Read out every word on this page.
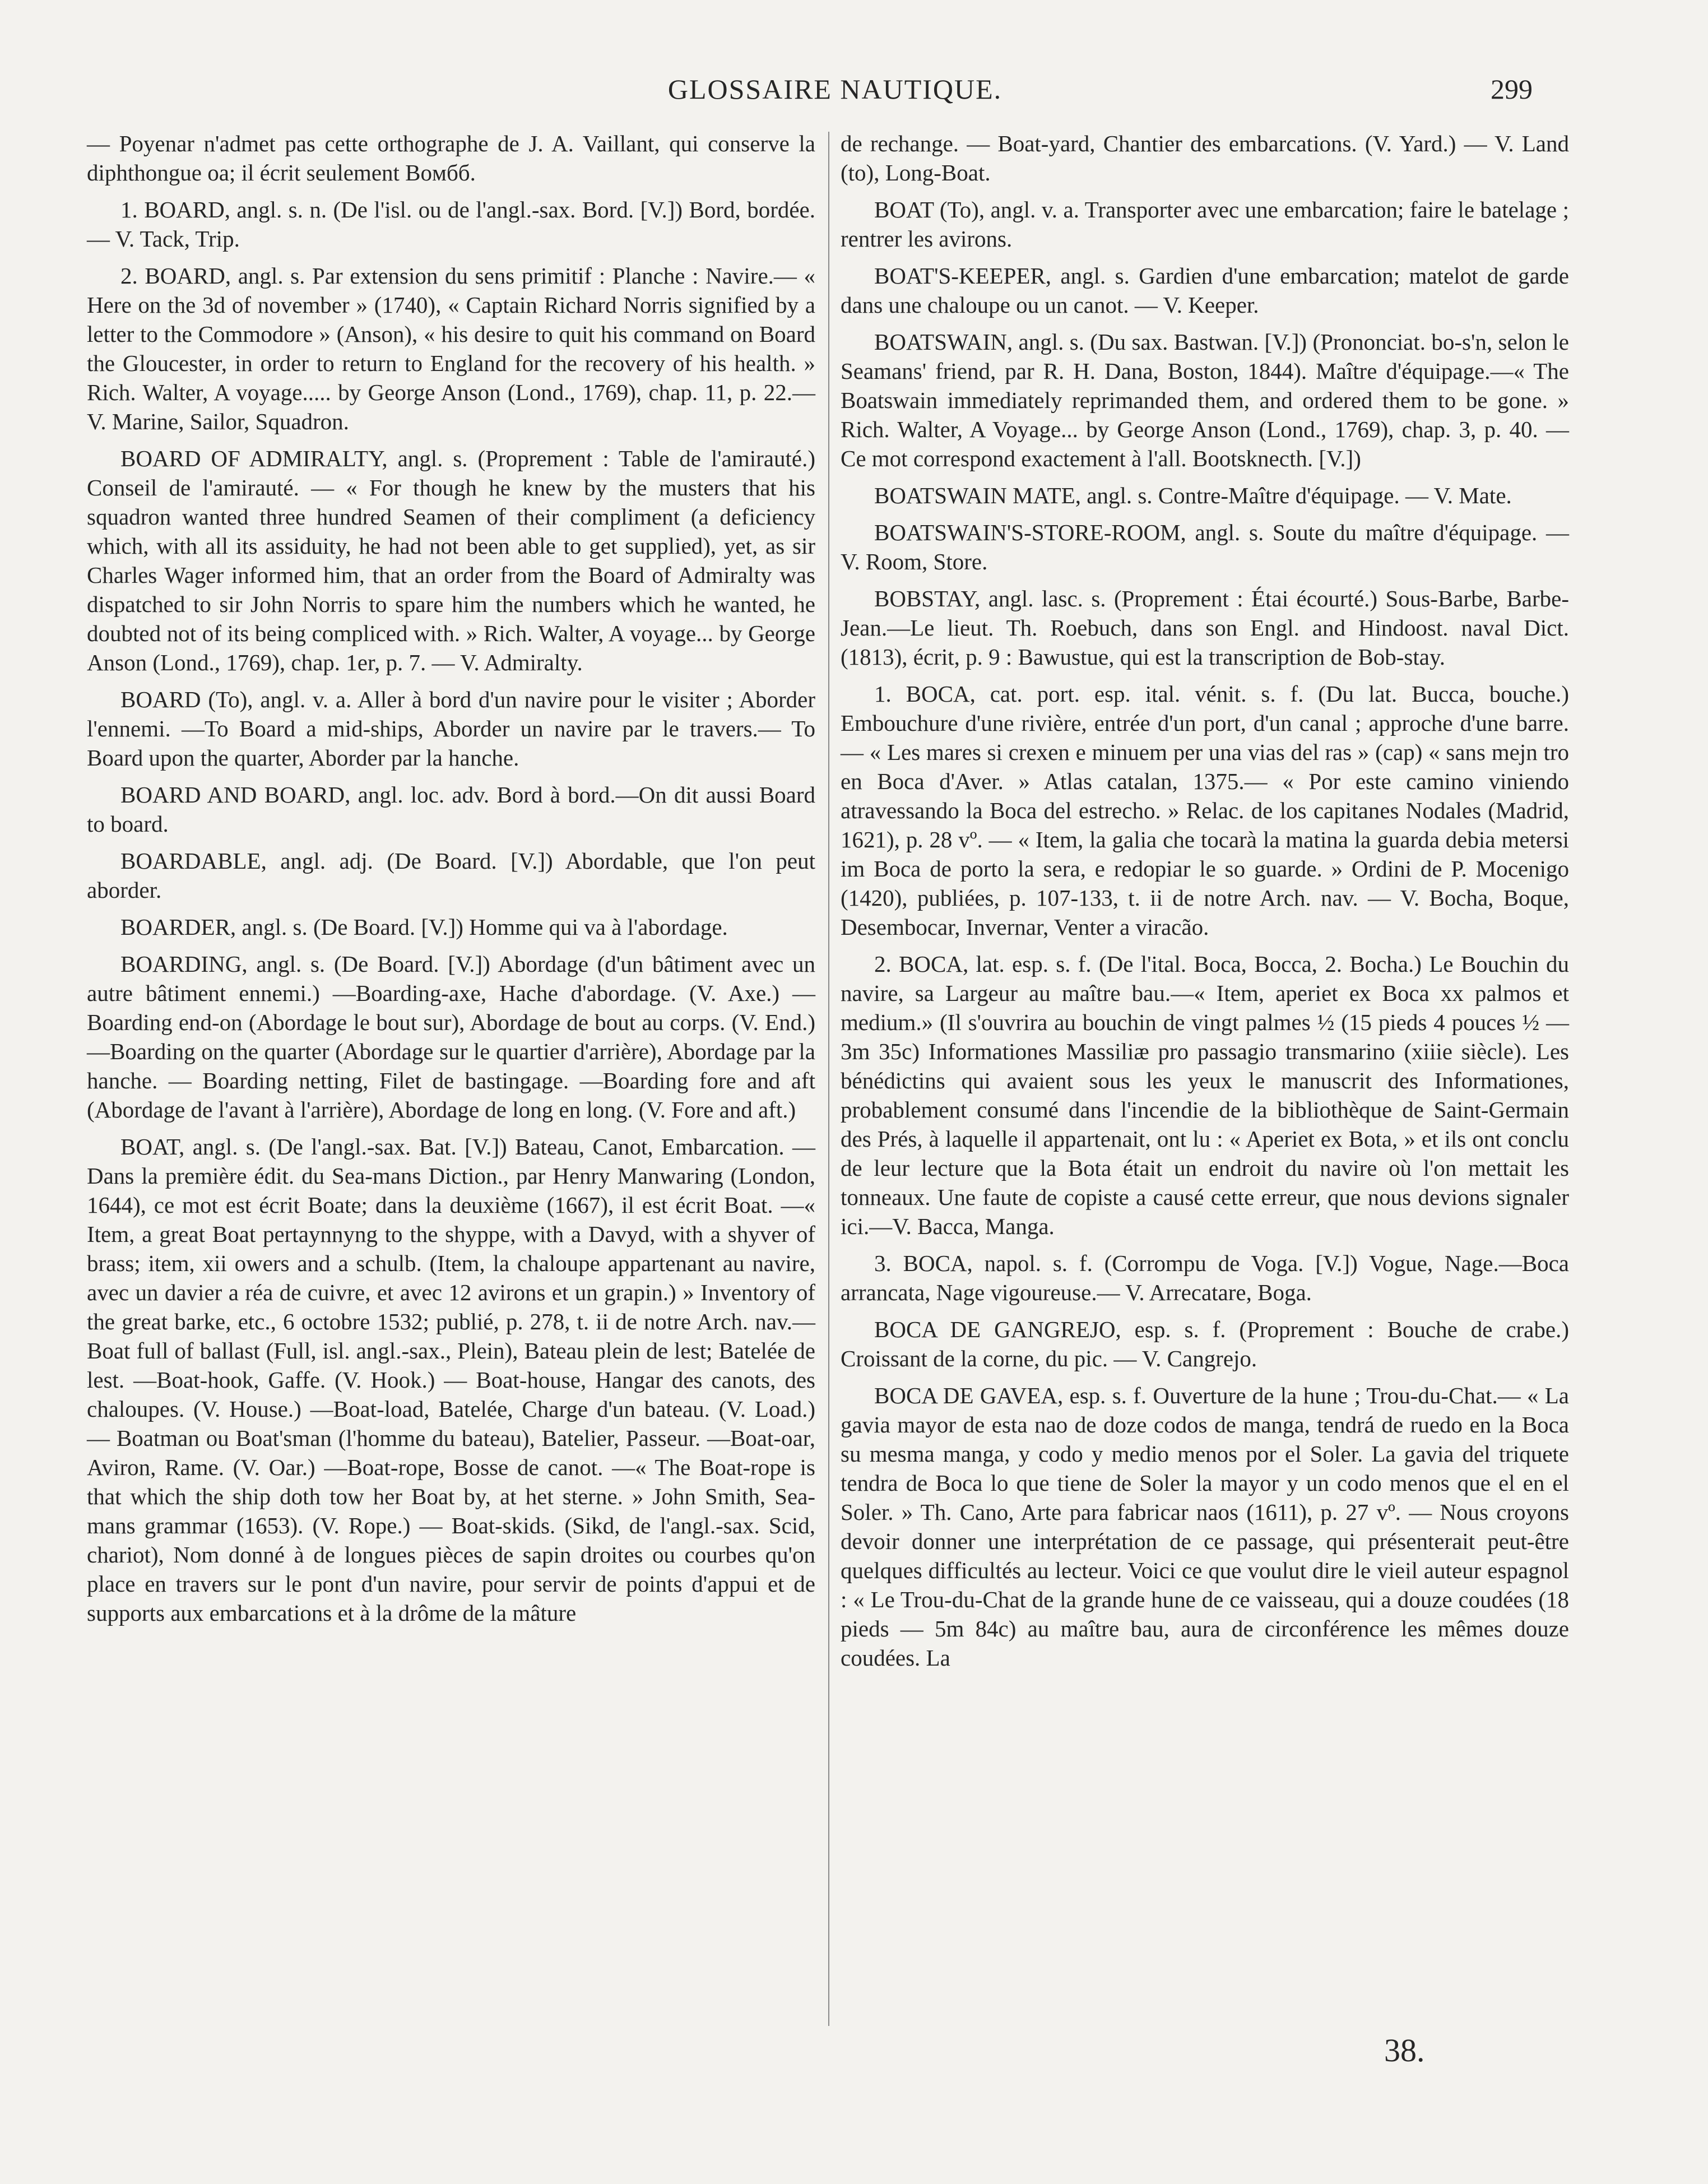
GLOSSAIRE NAUTIQUE.	299

— Poyenar n'admet pas cette orthographe de J. A. Vaillant, qui conserve la diphthongue oa; il écrit seulement Boмбб.

1. BOARD, angl. s. n. (De l'isl. ou de l'angl.-sax. Bord. [V.]) Bord, bordée. — V. Tack, Trip.

2. BOARD, angl. s. Par extension du sens primitif : Planche : Navire.— « Here on the 3d of november » (1740), « Captain Richard Norris signified by a letter to the Commodore » (Anson), « his desire to quit his command on Board the Gloucester, in order to return to England for the recovery of his health. » Rich. Walter, A voyage..... by George Anson (Lond., 1769), chap. 11, p. 22.—V. Marine, Sailor, Squadron.

BOARD OF ADMIRALTY, angl. s. (Proprement : Table de l'amirauté.) Conseil de l'amirauté. — « For though he knew by the musters that his squadron wanted three hundred Seamen of their compliment (a deficiency which, with all its assiduity, he had not been able to get supplied), yet, as sir Charles Wager informed him, that an order from the Board of Admiralty was dispatched to sir John Norris to spare him the numbers which he wanted, he doubted not of its being compliced with. » Rich. Walter, A voyage... by George Anson (Lond., 1769), chap. 1er, p. 7. — V. Admiralty.

BOARD (To), angl. v. a. Aller à bord d'un navire pour le visiter ; Aborder l'ennemi. —To Board a mid-ships, Aborder un navire par le travers.— To Board upon the quarter, Aborder par la hanche.

BOARD AND BOARD, angl. loc. adv. Bord à bord.—On dit aussi Board to board.

BOARDABLE, angl. adj. (De Board. [V.]) Abordable, que l'on peut aborder.

BOARDER, angl. s. (De Board. [V.]) Homme qui va à l'abordage.

BOARDING, angl. s. (De Board. [V.]) Abordage (d'un bâtiment avec un autre bâtiment ennemi.) —Boarding-axe, Hache d'abordage. (V. Axe.) —Boarding end-on (Abordage le bout sur), Abordage de bout au corps. (V. End.) —Boarding on the quarter (Abordage sur le quartier d'arrière), Abordage par la hanche. — Boarding netting, Filet de bastingage. —Boarding fore and aft (Abordage de l'avant à l'arrière), Abordage de long en long. (V. Fore and aft.)

BOAT, angl. s. (De l'angl.-sax. Bat. [V.]) Bateau, Canot, Embarcation. —Dans la première édit. du Sea-mans Diction., par Henry Manwaring (London, 1644), ce mot est écrit Boate; dans la deuxième (1667), il est écrit Boat. —« Item, a great Boat pertaynnyng to the shyppe, with a Davyd, with a shyver of brass; item, xii owers and a schulb. (Item, la chaloupe appartenant au navire, avec un davier a réa de cuivre, et avec 12 avirons et un grapin.) » Inventory of the great barke, etc., 6 octobre 1532; publié, p. 278, t. ii de notre Arch. nav.—Boat full of ballast (Full, isl. angl.-sax., Plein), Bateau plein de lest; Batelée de lest. —Boat-hook, Gaffe. (V. Hook.) — Boat-house, Hangar des canots, des chaloupes. (V. House.) —Boat-load, Batelée, Charge d'un bateau. (V. Load.) — Boatman ou Boat'sman (l'homme du bateau), Batelier, Passeur. —Boat-oar, Aviron, Rame. (V. Oar.) —Boat-rope, Bosse de canot. —« The Boat-rope is that which the ship doth tow her Boat by, at het sterne. » John Smith, Sea-mans grammar (1653). (V. Rope.) — Boat-skids. (Sikd, de l'angl.-sax. Scid, chariot), Nom donné à de longues pièces de sapin droites ou courbes qu'on place en travers sur le pont d'un navire, pour servir de points d'appui et de supports aux embarcations et à la drôme de la mâture

de rechange. — Boat-yard, Chantier des embarcations. (V. Yard.) — V. Land (to), Long-Boat.

BOAT (To), angl. v. a. Transporter avec une embarcation; faire le batelage ; rentrer les avirons.

BOAT'S-KEEPER, angl. s. Gardien d'une embarcation; matelot de garde dans une chaloupe ou un canot. — V. Keeper.

BOATSWAIN, angl. s. (Du sax. Bastwan. [V.]) (Prononciat. bo-s'n, selon le Seamans' friend, par R. H. Dana, Boston, 1844). Maître d'équipage.—« The Boatswain immediately reprimanded them, and ordered them to be gone. » Rich. Walter, A Voyage... by George Anson (Lond., 1769), chap. 3, p. 40. — Ce mot correspond exactement à l'all. Bootsknecth. [V.])

BOATSWAIN MATE, angl. s. Contre-Maître d'équipage. — V. Mate.

BOATSWAIN'S-STORE-ROOM, angl. s. Soute du maître d'équipage. — V. Room, Store.

BOBSTAY, angl. lasc. s. (Proprement : Étai écourté.) Sous-Barbe, Barbe-Jean.—Le lieut. Th. Roebuch, dans son Engl. and Hindoost. naval Dict. (1813), écrit, p. 9 : Bawustue, qui est la transcription de Bob-stay.

1. BOCA, cat. port. esp. ital. vénit. s. f. (Du lat. Bucca, bouche.) Embouchure d'une rivière, entrée d'un port, d'un canal ; approche d'une barre. — « Les mares si crexen e minuem per una vias del ras » (cap) « sans mejn tro en Boca d'Aver. » Atlas catalan, 1375.— « Por este camino viniendo atravessando la Boca del estrecho. » Relac. de los capitanes Nodales (Madrid, 1621), p. 28 vº. — « Item, la galia che tocarà la matina la guarda debia metersi im Boca de porto la sera, e redopiar le so guarde. » Ordini de P. Mocenigo (1420), publiées, p. 107-133, t. ii de notre Arch. nav. — V. Bocha, Boque, Desembocar, Invernar, Venter a viracão.

2. BOCA, lat. esp. s. f. (De l'ital. Boca, Bocca, 2. Bocha.) Le Bouchin du navire, sa Largeur au maître bau.—« Item, aperiet ex Boca xx palmos et medium.» (Il s'ouvrira au bouchin de vingt palmes ½ (15 pieds 4 pouces ½ — 3m 35c) Informationes Massiliæ pro passagio transmarino (xiiie siècle). Les bénédictins qui avaient sous les yeux le manuscrit des Informationes, probablement consumé dans l'incendie de la bibliothèque de Saint-Germain des Prés, à laquelle il appartenait, ont lu : « Aperiet ex Bota, » et ils ont conclu de leur lecture que la Bota était un endroit du navire où l'on mettait les tonneaux. Une faute de copiste a causé cette erreur, que nous devions signaler ici.—V. Bacca, Manga.

3. BOCA, napol. s. f. (Corrompu de Voga. [V.]) Vogue, Nage.—Boca arrancata, Nage vigoureuse.— V. Arrecatare, Boga.

BOCA DE GANGREJO, esp. s. f. (Proprement : Bouche de crabe.) Croissant de la corne, du pic. — V. Cangrejo.

BOCA DE GAVEA, esp. s. f. Ouverture de la hune ; Trou-du-Chat.— « La gavia mayor de esta nao de doze codos de manga, tendrá de ruedo en la Boca su mesma manga, y codo y medio menos por el Soler. La gavia del triquete tendra de Boca lo que tiene de Soler la mayor y un codo menos que el en el Soler. » Th. Cano, Arte para fabricar naos (1611), p. 27 vº. — Nous croyons devoir donner une interprétation de ce passage, qui présenterait peut-être quelques difficultés au lecteur. Voici ce que voulut dire le vieil auteur espagnol : « Le Trou-du-Chat de la grande hune de ce vaisseau, qui a douze coudées (18 pieds — 5m 84c) au maître bau, aura de circonférence les mêmes douze coudées. La

38.
